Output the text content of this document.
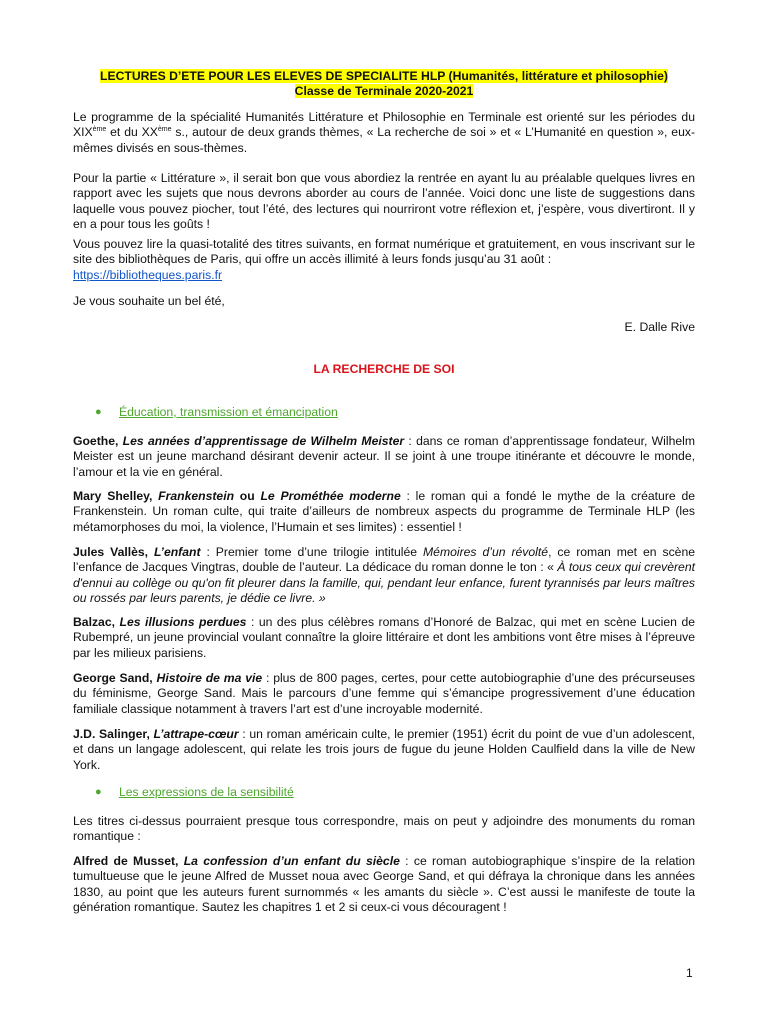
LECTURES D’ETE POUR LES ELEVES DE SPECIALITE HLP (Humanités, littérature et philosophie)
Classe de Terminale 2020-2021

Le programme de la spécialité Humanités Littérature et Philosophie en Terminale est orienté sur les périodes du XIXème et du XXème s., autour de deux grands thèmes, « La recherche de soi » et « L’Humanité en question », eux-mêmes divisés en sous-thèmes.

Pour la partie « Littérature », il serait bon que vous abordiez la rentrée en ayant lu au préalable quelques livres en rapport avec les sujets que nous devrons aborder au cours de l’année. Voici donc une liste de suggestions dans laquelle vous pouvez piocher, tout l’été, des lectures qui nourriront votre réflexion et, j’espère, vous divertiront. Il y en a pour tous les goûts !

Vous pouvez lire la quasi-totalité des titres suivants, en format numérique et gratuitement, en vous inscrivant sur le site des bibliothèques de Paris, qui offre un accès illimité à leurs fonds jusqu’au 31 août :
https://bibliotheques.paris.fr

Je vous souhaite un bel été,

E. Dalle Rive

LA RECHERCHE DE SOI

● Éducation, transmission et émancipation

Goethe, Les années d’apprentissage de Wilhelm Meister : dans ce roman d’apprentissage fondateur, Wilhelm Meister est un jeune marchand désirant devenir acteur. Il se joint à une troupe itinérante et découvre le monde, l’amour et la vie en général.

Mary Shelley, Frankenstein ou Le Prométhée moderne : le roman qui a fondé le mythe de la créature de Frankenstein. Un roman culte, qui traite d’ailleurs de nombreux aspects du programme de Terminale HLP (les métamorphoses du moi, la violence, l’Humain et ses limites) : essentiel !

Jules Vallès, L’enfant : Premier tome d’une trilogie intitulée Mémoires d’un révolté, ce roman met en scène l’enfance de Jacques Vingtras, double de l’auteur. La dédicace du roman donne le ton : « À tous ceux qui crevèrent d'ennui au collège ou qu'on fit pleurer dans la famille, qui, pendant leur enfance, furent tyrannisés par leurs maîtres ou rossés par leurs parents, je dédie ce livre. »

Balzac, Les illusions perdues : un des plus célèbres romans d’Honoré de Balzac, qui met en scène Lucien de Rubempré, un jeune provincial voulant connaître la gloire littéraire et dont les ambitions vont être mises à l’épreuve par les milieux parisiens.

George Sand, Histoire de ma vie : plus de 800 pages, certes, pour cette autobiographie d’une des précurseuses du féminisme, George Sand. Mais le parcours d’une femme qui s’émancipe progressivement d’une éducation familiale classique notamment à travers l’art est d’une incroyable modernité.

J.D. Salinger, L’attrape-cœur : un roman américain culte, le premier (1951) écrit du point de vue d’un adolescent, et dans un langage adolescent, qui relate les trois jours de fugue du jeune Holden Caulfield dans la ville de New York.

● Les expressions de la sensibilité

Les titres ci-dessus pourraient presque tous correspondre, mais on peut y adjoindre des monuments du roman romantique :

Alfred de Musset, La confession d’un enfant du siècle : ce roman autobiographique s’inspire de la relation tumultueuse que le jeune Alfred de Musset noua avec George Sand, et qui défraya la chronique dans les années 1830, au point que les auteurs furent surnommés « les amants du siècle ». C’est aussi le manifeste de toute la génération romantique. Sautez les chapitres 1 et 2 si ceux-ci vous découragent !

1
